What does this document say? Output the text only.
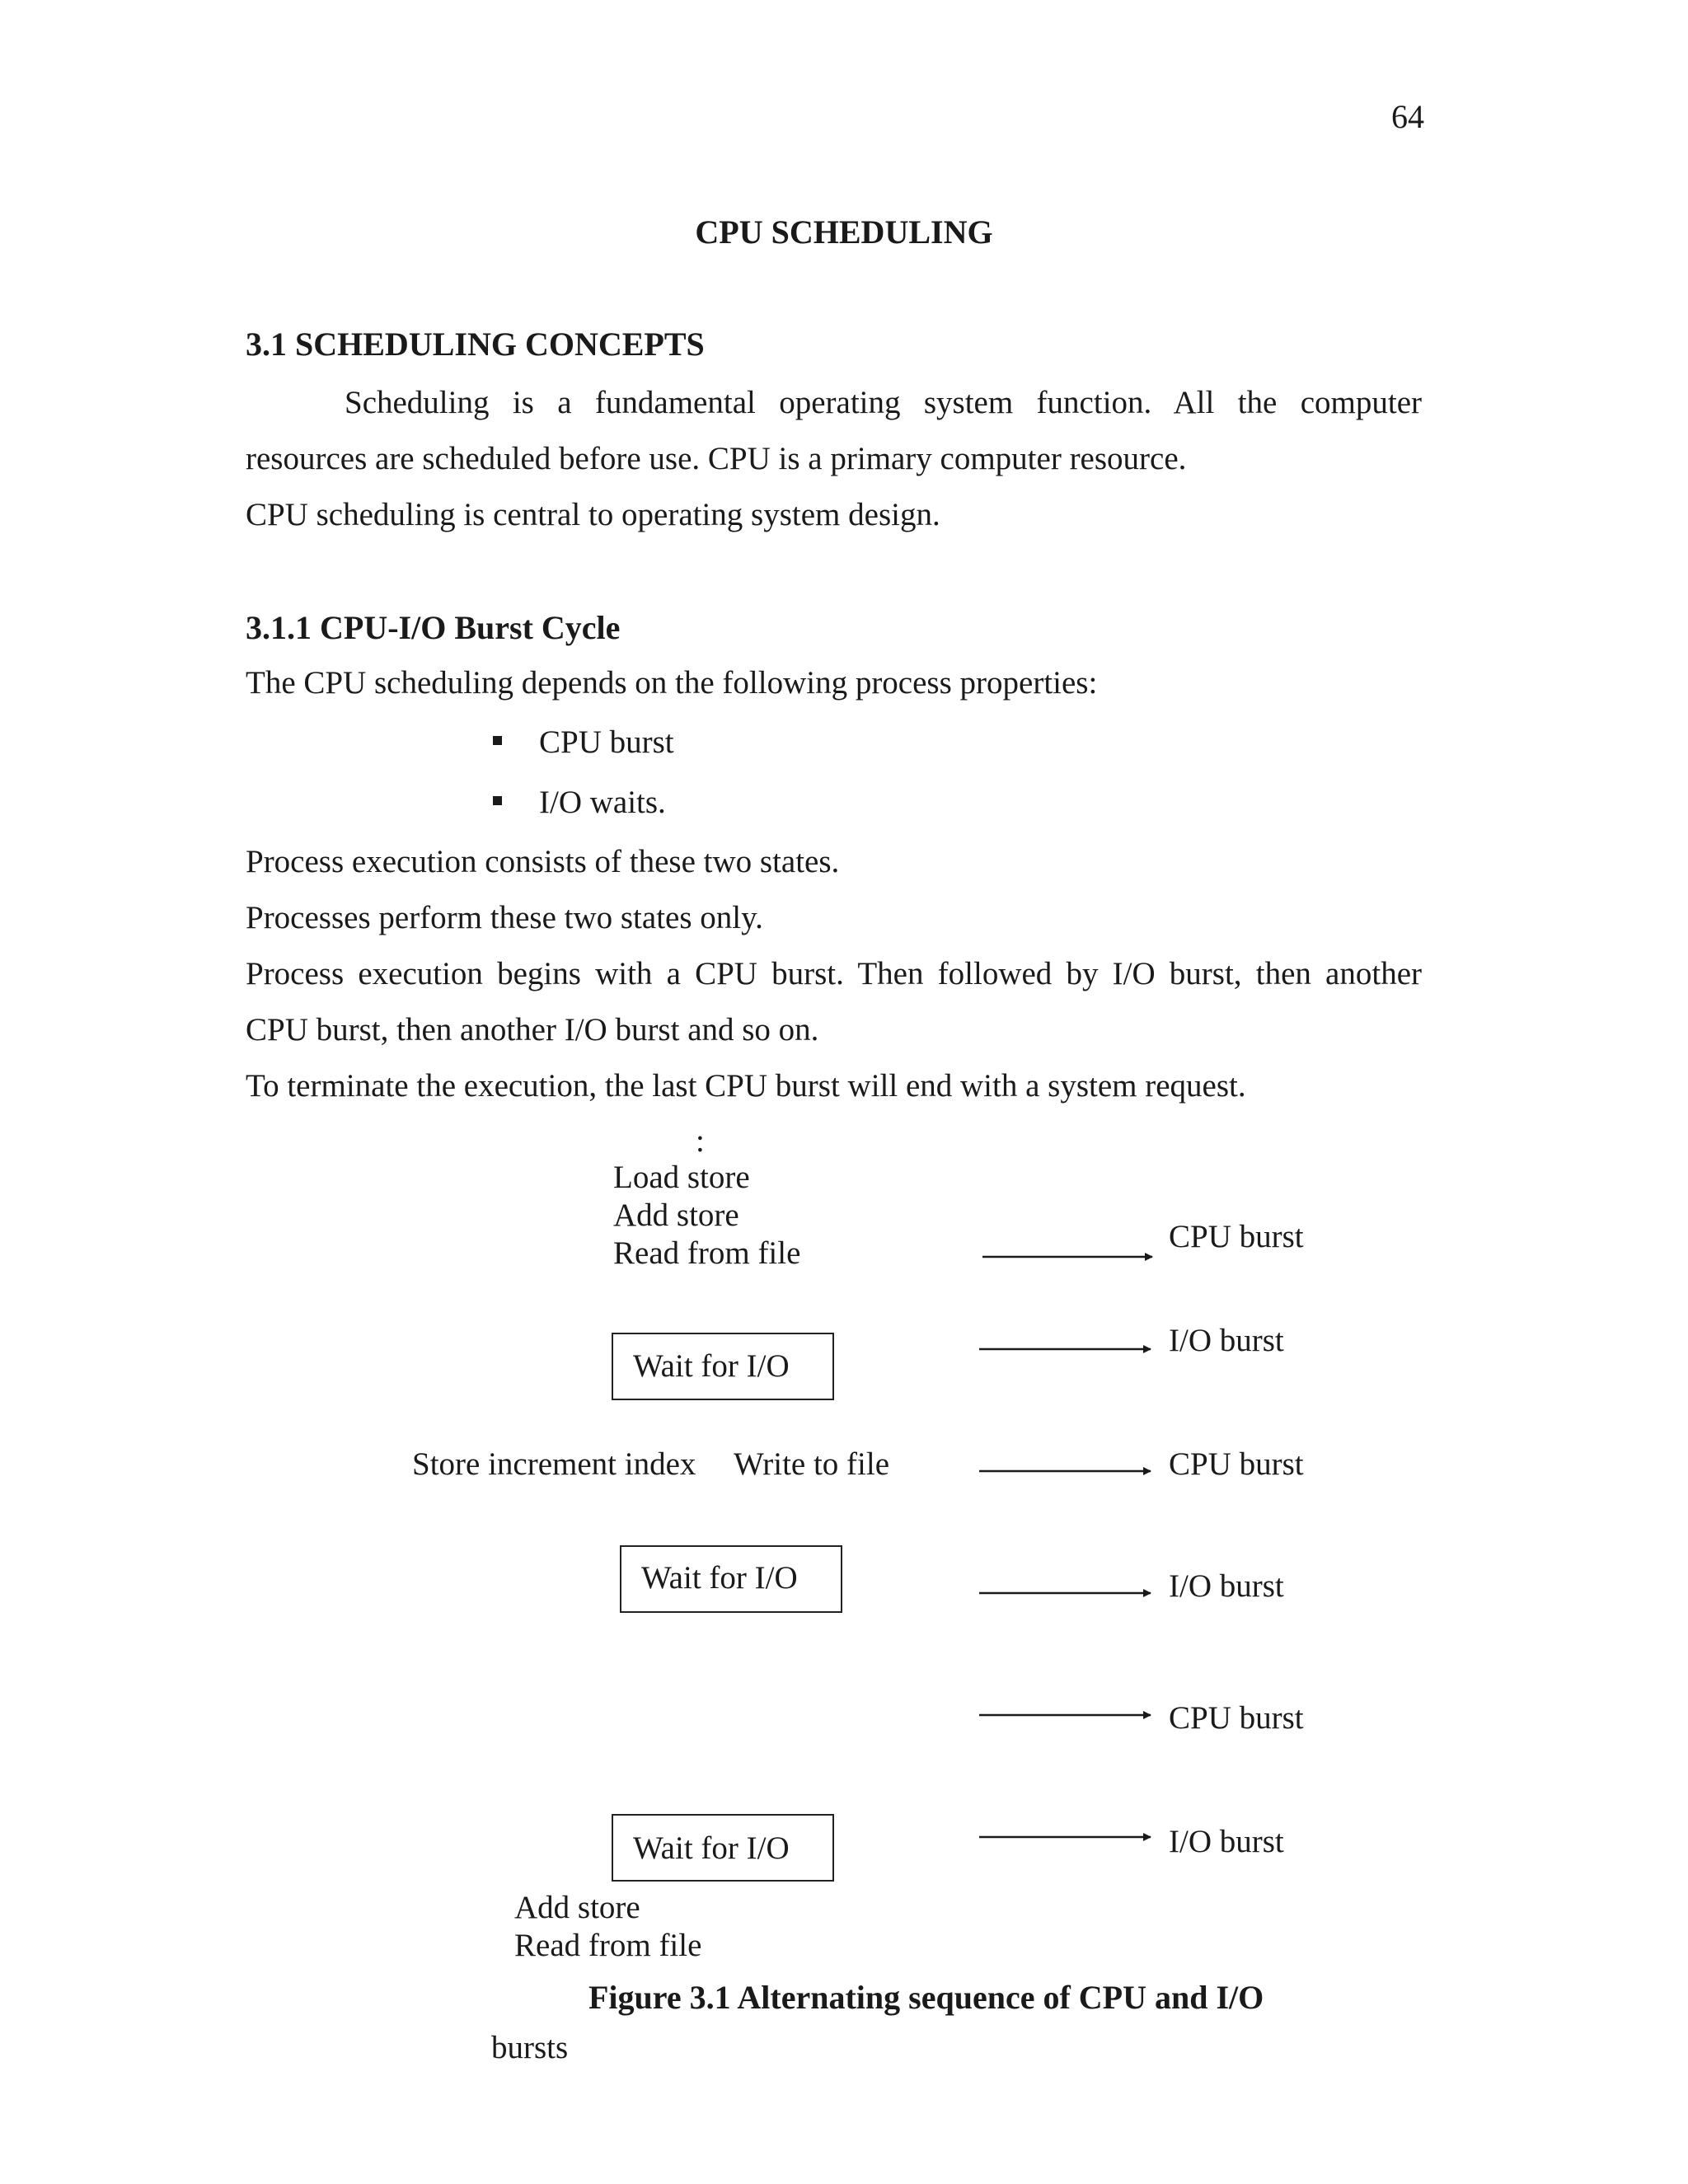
64
CPU SCHEDULING
3.1 SCHEDULING CONCEPTS
Scheduling is a fundamental operating system function. All the computer
resources are scheduled before use. CPU is a primary computer resource.
CPU scheduling is central to operating system design.
3.1.1 CPU-I/O Burst Cycle
The CPU scheduling depends on the following process properties:
CPU burst
I/O waits.
Process execution consists of these two states.
Processes perform these two states only.
Process execution begins with a CPU burst. Then followed by I/O burst, then another
CPU burst, then another I/O burst and so on.
To terminate the execution, the last CPU burst will end with a system request.
:
Load store
Add store
Read from file
Wait for I/O
Store increment index Write to file
Wait for I/O
Wait for I/O
Add store
Read from file
CPU burst
I/O burst
CPU burst
I/O burst
CPU burst
I/O burst
Figure 3.1 Alternating sequence of CPU and I/O
bursts
